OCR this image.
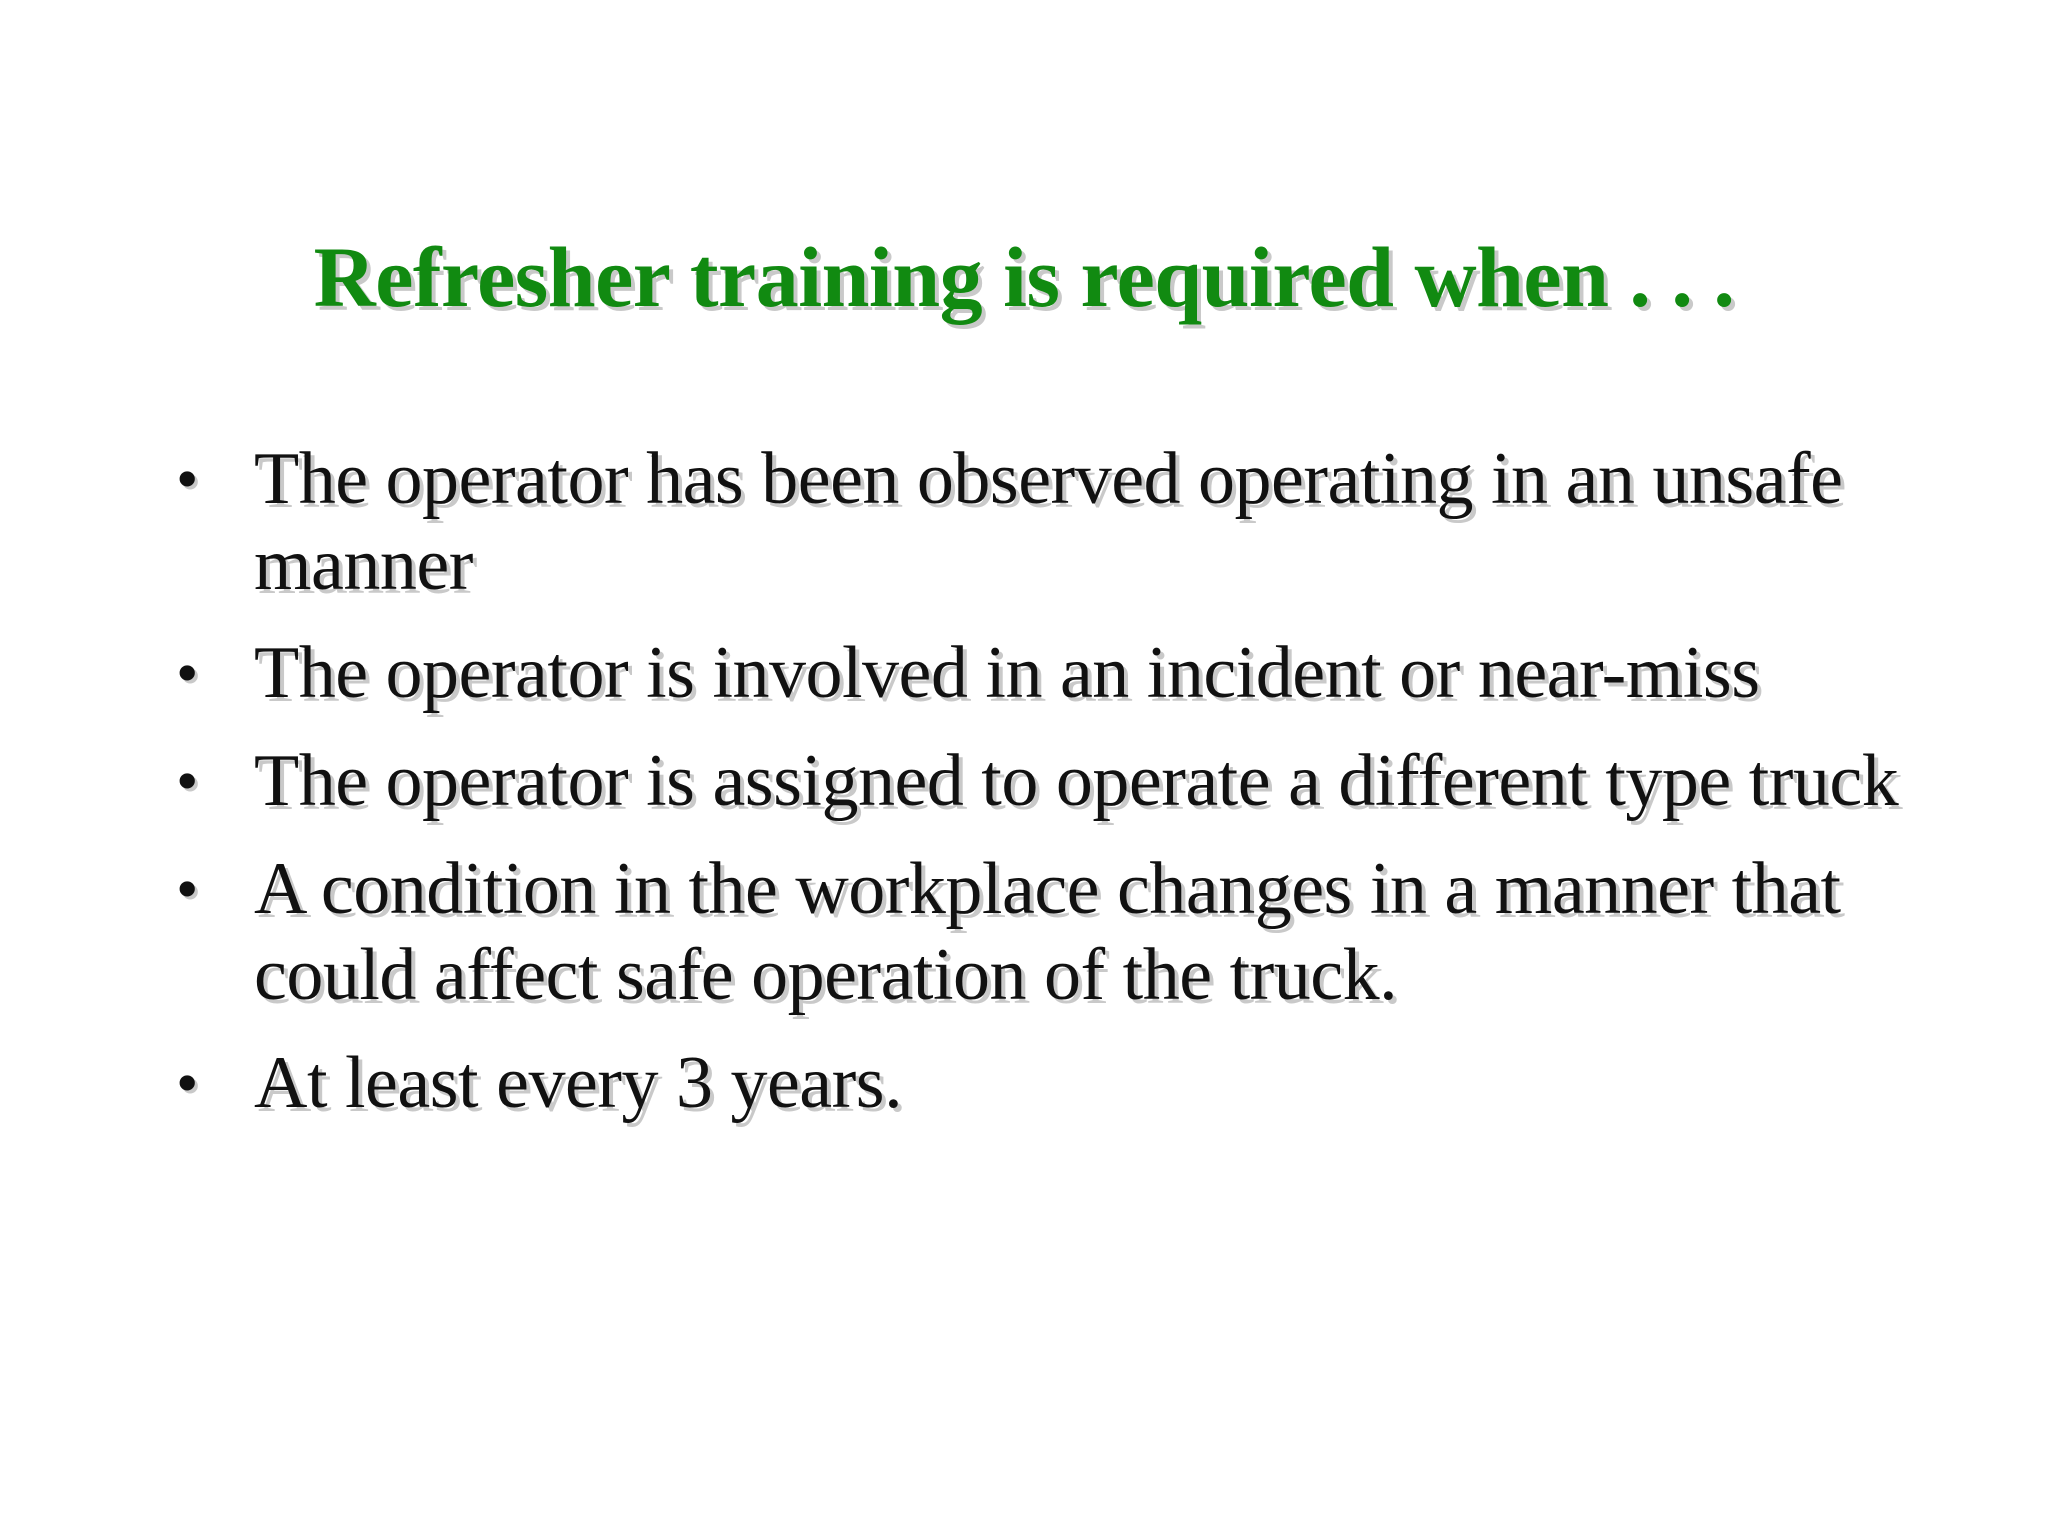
Refresher training is required when . . .
• The operator has been observed operating in an unsafe manner
• The operator is involved in an incident or near-miss
• The operator is assigned to operate a different type truck
• A condition in the workplace changes in a manner that could affect safe operation of the truck.
• At least every 3 years.
